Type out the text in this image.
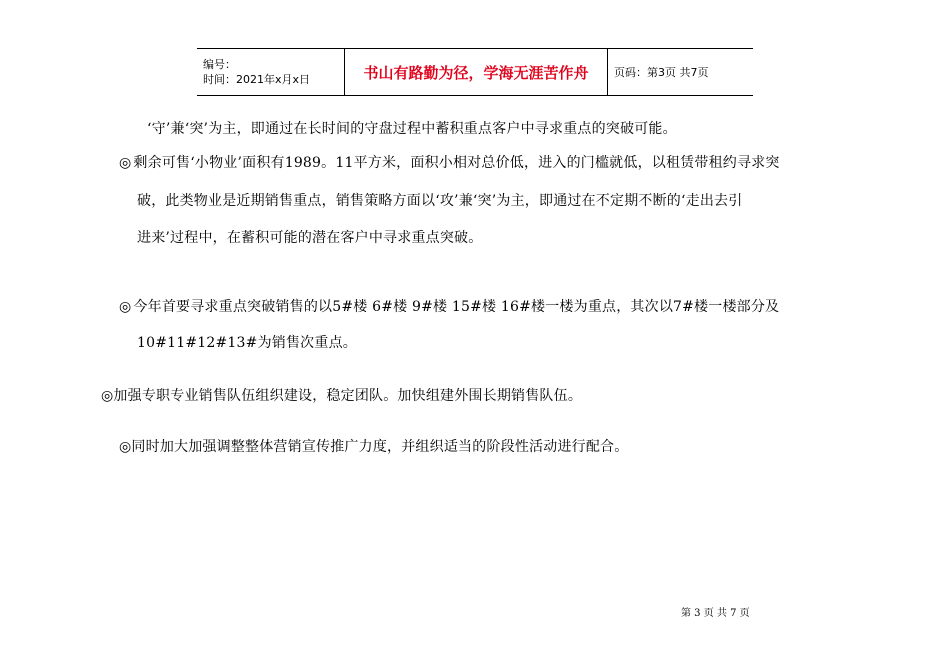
编号：
时间：2021年x月x日	书山有路勤为径，学海无涯苦作舟	页码：第3页 共7页
‘守’兼‘突’为主，即通过在长时间的守盘过程中蓄积重点客户中寻求重点的突破可能。
◎ 剩余可售‘小物业’面积有1989。11平方米，面积小相对总价低，进入的门槛就低，以租赁带租约寻求突
破，此类物业是近期销售重点，销售策略方面以‘攻’兼‘突’为主，即通过在不定期不断的‘走出去引
进来’过程中，在蓄积可能的潜在客户中寻求重点突破。
◎ 今年首要寻求重点突破销售的以5#楼 6#楼 9#楼 15#楼 16#楼一楼为重点，其次以7#楼一楼部分及
10#11#12#13#为销售次重点。
◎加强专职专业销售队伍组织建设，稳定团队。加快组建外围长期销售队伍。
◎同时加大加强调整整体营销宣传推广力度，并组织适当的阶段性活动进行配合。
第 3 页 共 7 页
